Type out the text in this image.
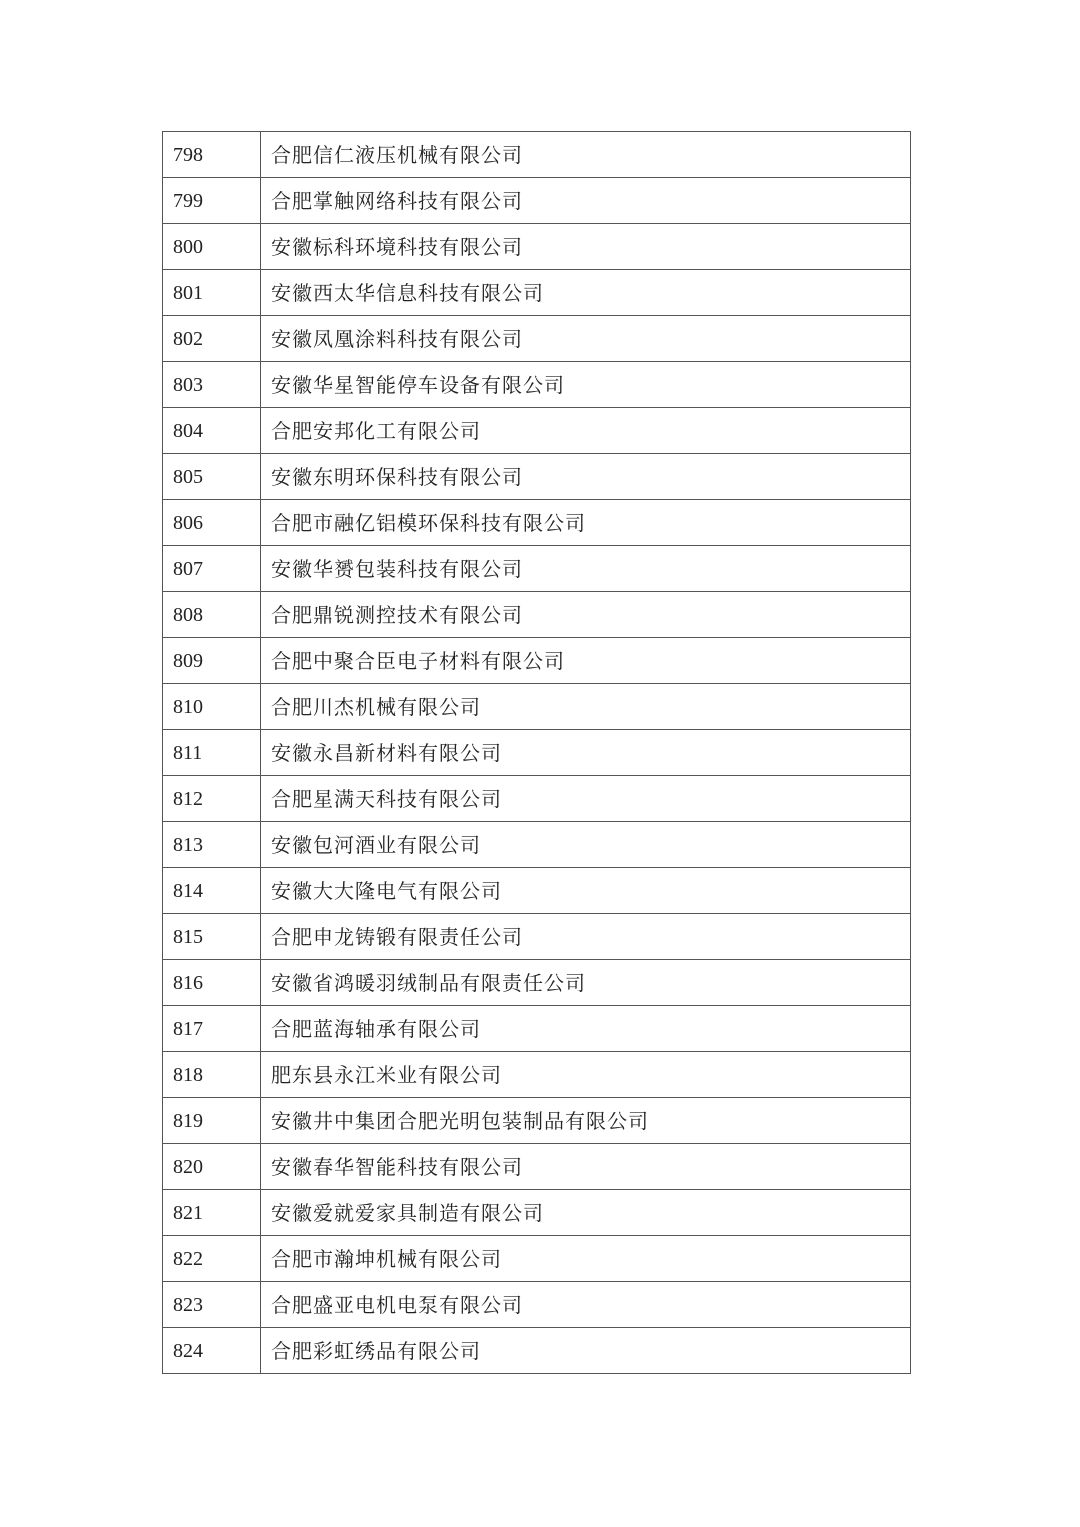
798	合肥信仁液压机械有限公司
799	合肥掌触网络科技有限公司
800	安徽标科环境科技有限公司
801	安徽西太华信息科技有限公司
802	安徽凤凰涂料科技有限公司
803	安徽华星智能停车设备有限公司
804	合肥安邦化工有限公司
805	安徽东明环保科技有限公司
806	合肥市融亿铝模环保科技有限公司
807	安徽华赟包装科技有限公司
808	合肥鼎锐测控技术有限公司
809	合肥中聚合臣电子材料有限公司
810	合肥川杰机械有限公司
811	安徽永昌新材料有限公司
812	合肥星满天科技有限公司
813	安徽包河酒业有限公司
814	安徽大大隆电气有限公司
815	合肥申龙铸锻有限责任公司
816	安徽省鸿暖羽绒制品有限责任公司
817	合肥蓝海轴承有限公司
818	肥东县永江米业有限公司
819	安徽井中集团合肥光明包装制品有限公司
820	安徽春华智能科技有限公司
821	安徽爱就爱家具制造有限公司
822	合肥市瀚坤机械有限公司
823	合肥盛亚电机电泵有限公司
824	合肥彩虹绣品有限公司
